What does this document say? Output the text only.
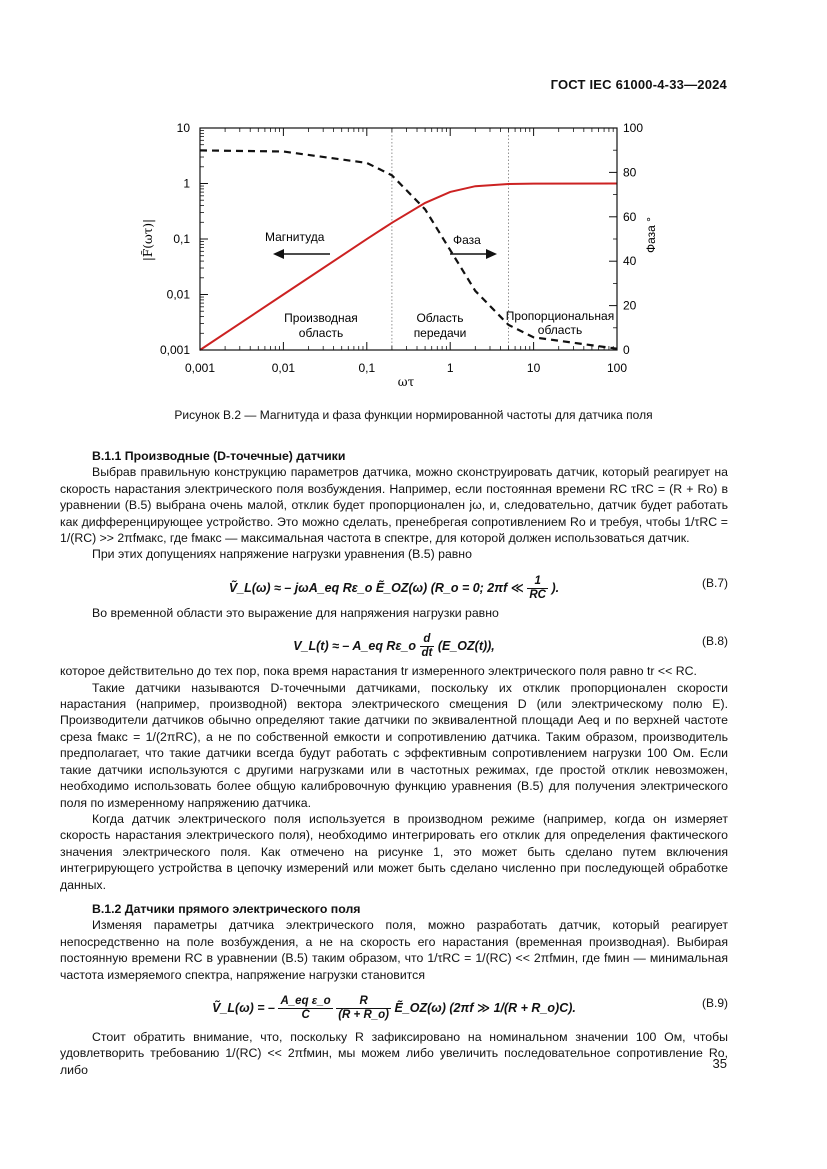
ГОСТ IEC 61000-4-33—2024
0,001	0,01	0,1	1	10	100
0,001
0,01
0,1
1
10
0
20
40
60
80
100
|F̃(ωτ)|	Фаза °
ωτ
Магнитуда	Фаза
Производная
область
Область
передачи
Пропорциональная
область
Рисунок В.2 — Магнитуда и фаза функции нормированной частоты для датчика поля
В.1.1 Производные (D-точечные) датчики

Выбрав правильную конструкцию параметров датчика, можно сконструировать датчик, который реагирует на скорость нарастания электрического поля возбуждения. Например, если постоянная времени RC τRC = (R + Ro) в уравнении (В.5) выбрана очень малой, отклик будет пропорционален jω, и, следовательно, датчик будет работать как дифференцирующее устройство. Это можно сделать, пренебрегая сопротивлением Ro и требуя, чтобы 1/τRC = 1/(RC) >> 2πfмакс, где fмакс — максимальная частота в спектре, для которой должен использоваться датчик.

При этих допущениях напряжение нагрузки уравнения (В.5) равно

Ṽ_L(ω) ≈ – jωA_eq Rε_o Ẽ_OZ(ω) (R_o = 0; 2πf ≪ $\frac{1}{RC}$ ).	(В.7)

Во временной области это выражение для напряжения нагрузки равно

V_L(t) ≈ – A_eq Rε_o $\frac{d}{dt}$ (E_OZ(t)),	(В.8)

которое действительно до тех пор, пока время нарастания tr измеренного электрического поля равно tr << RC.

Такие датчики называются D-точечными датчиками, поскольку их отклик пропорционален скорости нарастания (например, производной) вектора электрического смещения D (или электрическому полю E). Производители датчиков обычно определяют такие датчики по эквивалентной площади Aeq и по верхней частоте среза fмакс = 1/(2πRC), а не по собственной емкости и сопротивлению датчика. Таким образом, производитель предполагает, что такие датчики всегда будут работать с эффективным сопротивлением нагрузки 100 Ом. Если такие датчики используются с другими нагрузками или в частотных режимах, где простой отклик невозможен, необходимо использовать более общую калибровочную функцию уравнения (В.5) для получения электрического поля по измеренному напряжению датчика.

Когда датчик электрического поля используется в производном режиме (например, когда он измеряет скорость нарастания электрического поля), необходимо интегрировать его отклик для определения фактического значения электрического поля. Как отмечено на рисунке 1, это может быть сделано путем включения интегрирующего устройства в цепочку измерений или может быть сделано численно при последующей обработке данных.

В.1.2 Датчики прямого электрического поля

Изменяя параметры датчика электрического поля, можно разработать датчик, который реагирует непосредственно на поле возбуждения, а не на скорость его нарастания (временная производная). Выбирая постоянную времени RC в уравнении (В.5) таким образом, что 1/τRC = 1/(RC) << 2πfмин, где fмин — минимальная частота измеряемого спектра, напряжение нагрузки становится

Ṽ_L(ω) = – $\frac{\text{A\_eq ε\_o}}{C}$
$\frac{R}{(R + R\_o)}$ Ẽ_OZ(ω) (2πf ≫ 1/(R + R_o)C).	(В.9)

Стоит обратить внимание, что, поскольку R зафиксировано на номинальном значении 100 Ом, чтобы удовлетворить требованию 1/(RC) << 2πfмин, мы можем либо увеличить последовательное сопротивление Ro, либо	35
